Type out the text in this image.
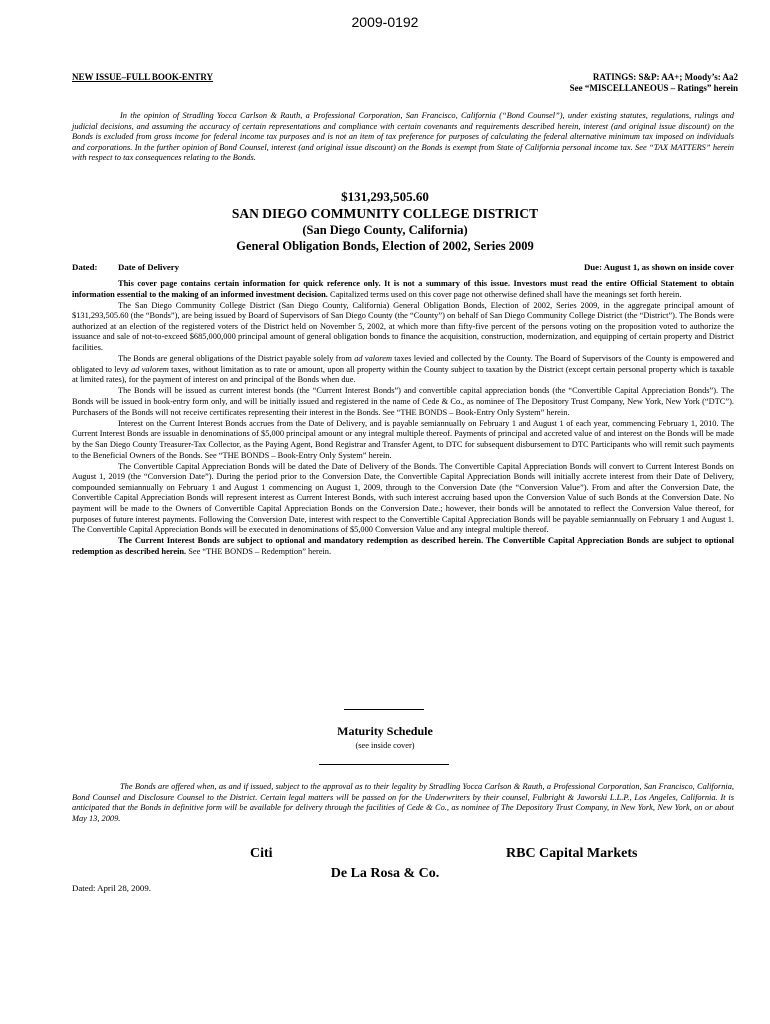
2009-0192
NEW ISSUE–FULL BOOK-ENTRY	RATINGS: S&P: AA+; Moody’s: Aa2
See “MISCELLANEOUS – Ratings” herein

In the opinion of Stradling Yocca Carlson & Rauth, a Professional Corporation, San Francisco, California (“Bond Counsel”), under existing statutes, regulations, rulings and judicial decisions, and assuming the accuracy of certain representations and compliance with certain covenants and requirements described herein, interest (and original issue discount) on the Bonds is excluded from gross income for federal income tax purposes and is not an item of tax preference for purposes of calculating the federal alternative minimum tax imposed on individuals and corporations. In the further opinion of Bond Counsel, interest (and original issue discount) on the Bonds is exempt from State of California personal income tax. See “TAX MATTERS” herein with respect to tax consequences relating to the Bonds.

$131,293,505.60
SAN DIEGO COMMUNITY COLLEGE DISTRICT
(San Diego County, California)
General Obligation Bonds, Election of 2002, Series 2009
Dated: Date of Delivery	Due: August 1, as shown on inside cover

This cover page contains certain information for quick reference only. It is not a summary of this issue. Investors must read the entire Official Statement to obtain information essential to the making of an informed investment decision. Capitalized terms used on this cover page not otherwise defined shall have the meanings set forth herein.

The San Diego Community College District (San Diego County, California) General Obligation Bonds, Election of 2002, Series 2009, in the aggregate principal amount of $131,293,505.60 (the “Bonds”), are being issued by Board of Supervisors of San Diego County (the “County”) on behalf of San Diego Community College District (the “District”). The Bonds were authorized at an election of the registered voters of the District held on November 5, 2002, at which more than fifty-five percent of the persons voting on the proposition voted to authorize the issuance and sale of not-to-exceed $685,000,000 principal amount of general obligation bonds to finance the acquisition, construction, modernization, and equipping of certain property and District facilities.

The Bonds are general obligations of the District payable solely from ad valorem taxes levied and collected by the County. The Board of Supervisors of the County is empowered and obligated to levy ad valorem taxes, without limitation as to rate or amount, upon all property within the County subject to taxation by the District (except certain personal property which is taxable at limited rates), for the payment of interest on and principal of the Bonds when due.

The Bonds will be issued as current interest bonds (the “Current Interest Bonds”) and convertible capital appreciation bonds (the “Convertible Capital Appreciation Bonds”). The Bonds will be issued in book-entry form only, and will be initially issued and registered in the name of Cede & Co., as nominee of The Depository Trust Company, New York, New York (“DTC”). Purchasers of the Bonds will not receive certificates representing their interest in the Bonds. See “THE BONDS – Book-Entry Only System” herein.

Interest on the Current Interest Bonds accrues from the Date of Delivery, and is payable semiannually on February 1 and August 1 of each year, commencing February 1, 2010. The Current Interest Bonds are issuable in denominations of $5,000 principal amount or any integral multiple thereof. Payments of principal and accreted value of and interest on the Bonds will be made by the San Diego County Treasurer-Tax Collector, as the Paying Agent, Bond Registrar and Transfer Agent, to DTC for subsequent disbursement to DTC Participants who will remit such payments to the Beneficial Owners of the Bonds. See “THE BONDS – Book-Entry Only System” herein.

The Convertible Capital Appreciation Bonds will be dated the Date of Delivery of the Bonds. The Convertible Capital Appreciation Bonds will convert to Current Interest Bonds on August 1, 2019 (the “Conversion Date”). During the period prior to the Conversion Date, the Convertible Capital Appreciation Bonds will initially accrete interest from their Date of Delivery, compounded semiannually on February 1 and August 1 commencing on August 1, 2009, through to the Conversion Date (the “Conversion Value”). From and after the Conversion Date, the Convertible Capital Appreciation Bonds will represent interest as Current Interest Bonds, with such interest accruing based upon the Conversion Value of such Bonds at the Conversion Date. No payment will be made to the Owners of Convertible Capital Appreciation Bonds on the Conversion Date.; however, their bonds will be annotated to reflect the Conversion Value thereof, for purposes of future interest payments. Following the Conversion Date, interest with respect to the Convertible Capital Appreciation Bonds will be payable semiannually on February 1 and August 1. The Convertible Capital Appreciation Bonds will be executed in denominations of $5,000 Conversion Value and any integral multiple thereof.

The Current Interest Bonds are subject to optional and mandatory redemption as described herein. The Convertible Capital Appreciation Bonds are subject to optional redemption as described herein. See “THE BONDS – Redemption” herein.

Maturity Schedule
(see inside cover)

The Bonds are offered when, as and if issued, subject to the approval as to their legality by Stradling Yocca Carlson & Rauth, a Professional Corporation, San Francisco, California, Bond Counsel and Disclosure Counsel to the District. Certain legal matters will be passed on for the Underwriters by their counsel, Fulbright & Jaworski L.L.P., Los Angeles, California. It is anticipated that the Bonds in definitive form will be available for delivery through the facilities of Cede & Co., as nominee of The Depository Trust Company, in New York, New York, on or about May 13, 2009.

Citi	RBC Capital Markets
De La Rosa & Co.
Dated: April 28, 2009.
